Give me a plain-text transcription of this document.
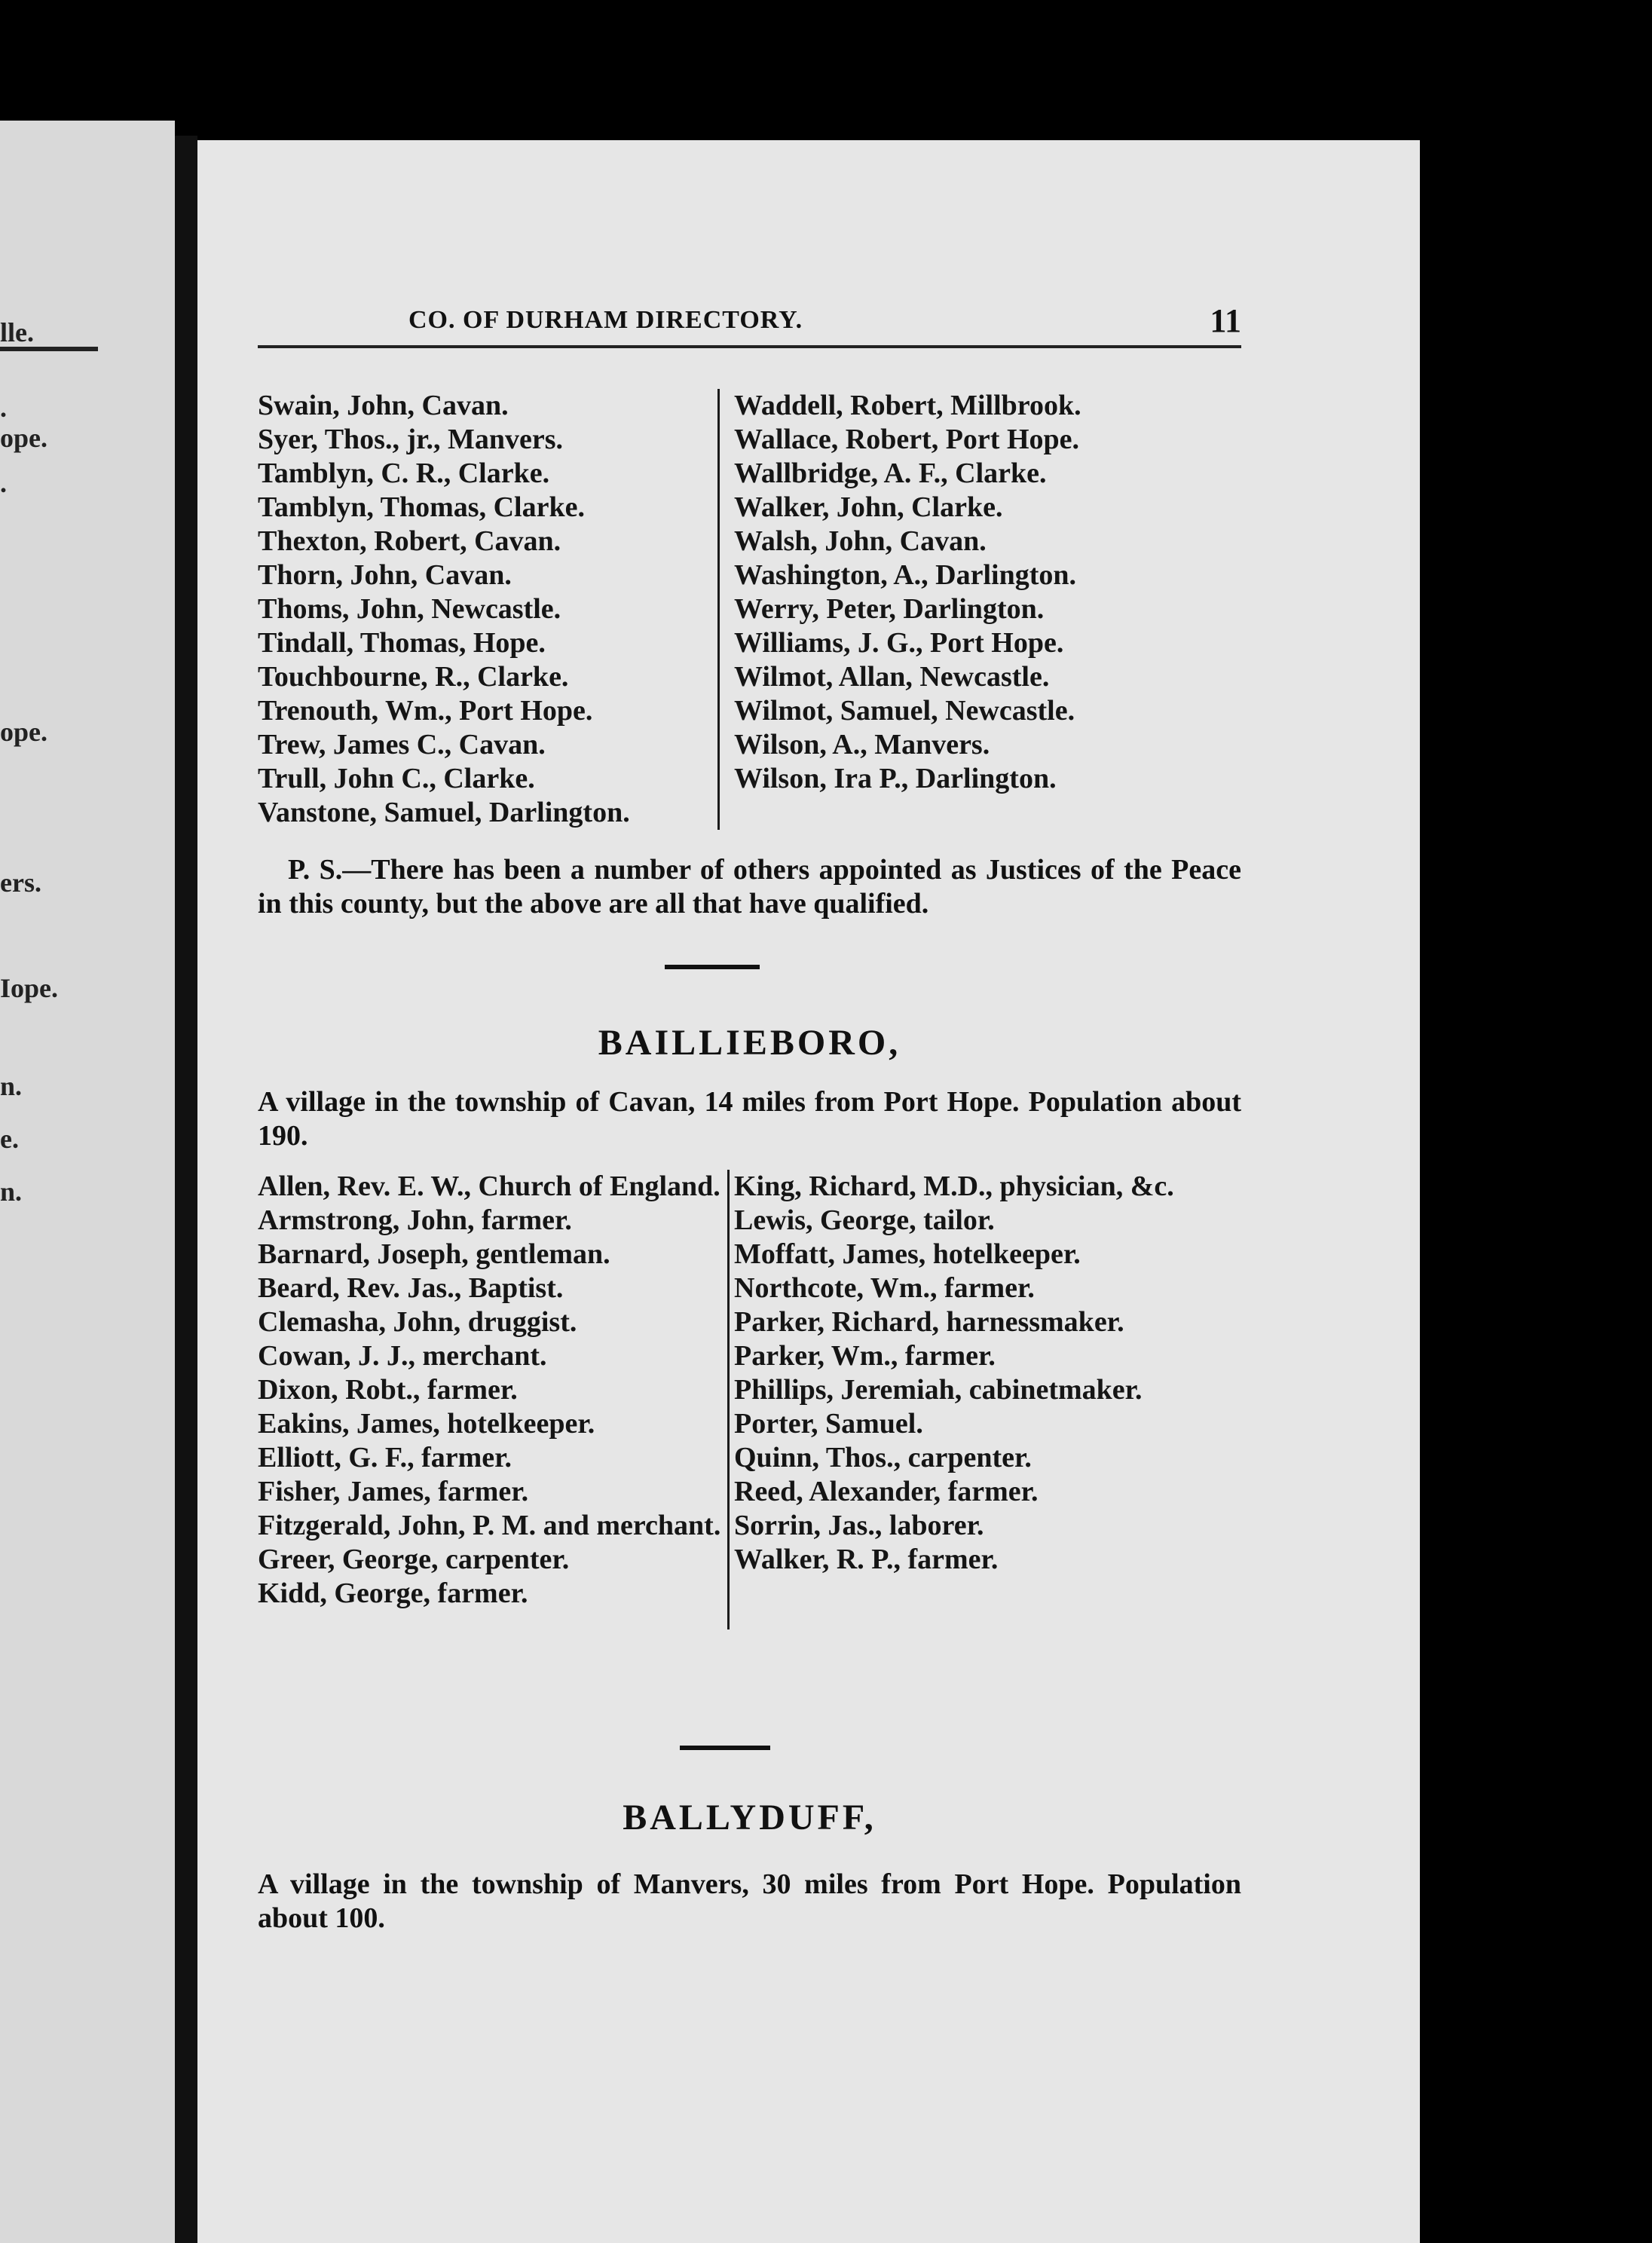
lle.
.
ope.
.
ope.
ers.
Iope.
n.
e.
n.
CO. OF DURHAM DIRECTORY.	11
Swain, John, Cavan.
Syer, Thos., jr., Manvers.
Tamblyn, C. R., Clarke.
Tamblyn, Thomas, Clarke.
Thexton, Robert, Cavan.
Thorn, John, Cavan.
Thoms, John, Newcastle.
Tindall, Thomas, Hope.
Touchbourne, R., Clarke.
Trenouth, Wm., Port Hope.
Trew, James C., Cavan.
Trull, John C., Clarke.
Vanstone, Samuel, Darlington.
Waddell, Robert, Millbrook.
Wallace, Robert, Port Hope.
Wallbridge, A. F., Clarke.
Walker, John, Clarke.
Walsh, John, Cavan.
Washington, A., Darlington.
Werry, Peter, Darlington.
Williams, J. G., Port Hope.
Wilmot, Allan, Newcastle.
Wilmot, Samuel, Newcastle.
Wilson, A., Manvers.
Wilson, Ira P., Darlington.
P. S.—There has been a number of others appointed as Justices of the Peace in this county, but the above are all that have qualified.
BAILLIEBORO,
A village in the township of Cavan, 14 miles from Port Hope. Population about 190.
Allen, Rev. E. W., Church of England.
Armstrong, John, farmer.
Barnard, Joseph, gentleman.
Beard, Rev. Jas., Baptist.
Clemasha, John, druggist.
Cowan, J. J., merchant.
Dixon, Robt., farmer.
Eakins, James, hotelkeeper.
Elliott, G. F., farmer.
Fisher, James, farmer.
Fitzgerald, John, P. M. and merchant.
Greer, George, carpenter.
Kidd, George, farmer.
King, Richard, M.D., physician, &c.
Lewis, George, tailor.
Moffatt, James, hotelkeeper.
Northcote, Wm., farmer.
Parker, Richard, harnessmaker.
Parker, Wm., farmer.
Phillips, Jeremiah, cabinetmaker.
Porter, Samuel.
Quinn, Thos., carpenter.
Reed, Alexander, farmer.
Sorrin, Jas., laborer.
Walker, R. P., farmer.
BALLYDUFF,
A village in the township of Manvers, 30 miles from Port Hope. Population about 100.
